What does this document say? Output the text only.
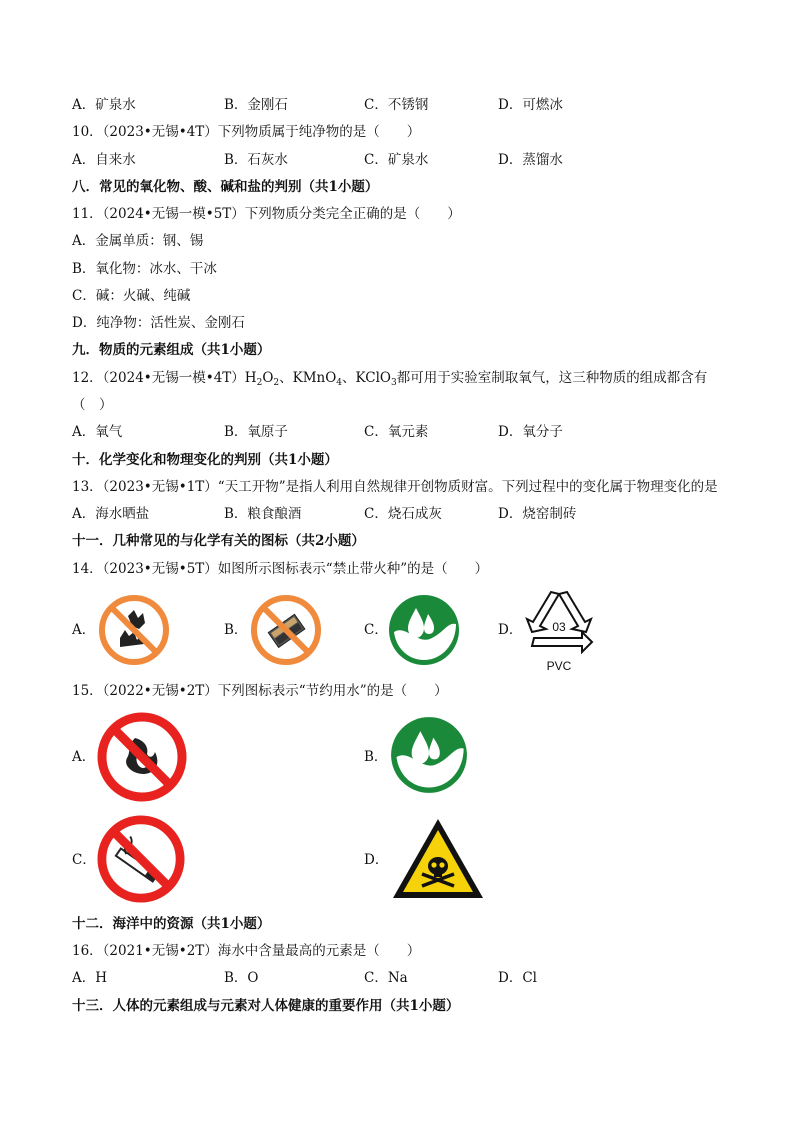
A．矿泉水	B．金刚石	C．不锈钢	D．可燃冰
10．（2023•无锡•4T）下列物质属于纯净物的是（　　）
A．自来水	B．石灰水	C．矿泉水	D．蒸馏水
八．常见的氧化物、酸、碱和盐的判别（共1小题）
11．（2024•无锡一模•5T）下列物质分类完全正确的是（　　）
A．金属单质：钢、锡
B．氧化物：冰水、干冰
C．碱：火碱、纯碱
D．纯净物：活性炭、金刚石
九．物质的元素组成（共1小题）
12．（2024•无锡一模$•4T)H_2O_2$、KMnO$_4$、KClO$_3$都可用于实验室制取氧气，这三种物质的组成都含有
（　）
A．氧气	B．氧原子	C．氧元素	D．氧分子
十．化学变化和物理变化的判别（共1小题）
13．（2023•无锡•1T）“天工开物”是指人利用自然规律开创物质财富。下列过程中的变化属于物理变化的是
A．海水晒盐	B．粮食酿酒	C．烧石成灰	D．烧窑制砖
十一．几种常见的与化学有关的图标（共2小题）
14．（2023•无锡•5T）如图所示图标表示“禁止带火种”的是（　　）
A．	B．	C．	D． 03
PVC
15．（2022•无锡•2T）下列图标表示“节约用水”的是（　　）
A．	B．
C．	D．
十二．海洋中的资源（共1小题）
16．（2021•无锡•2T）海水中含量最高的元素是（　　）
A．H	B．O	C．Na	D．Cl
十三．人体的元素组成与元素对人体健康的重要作用（共1小题）
